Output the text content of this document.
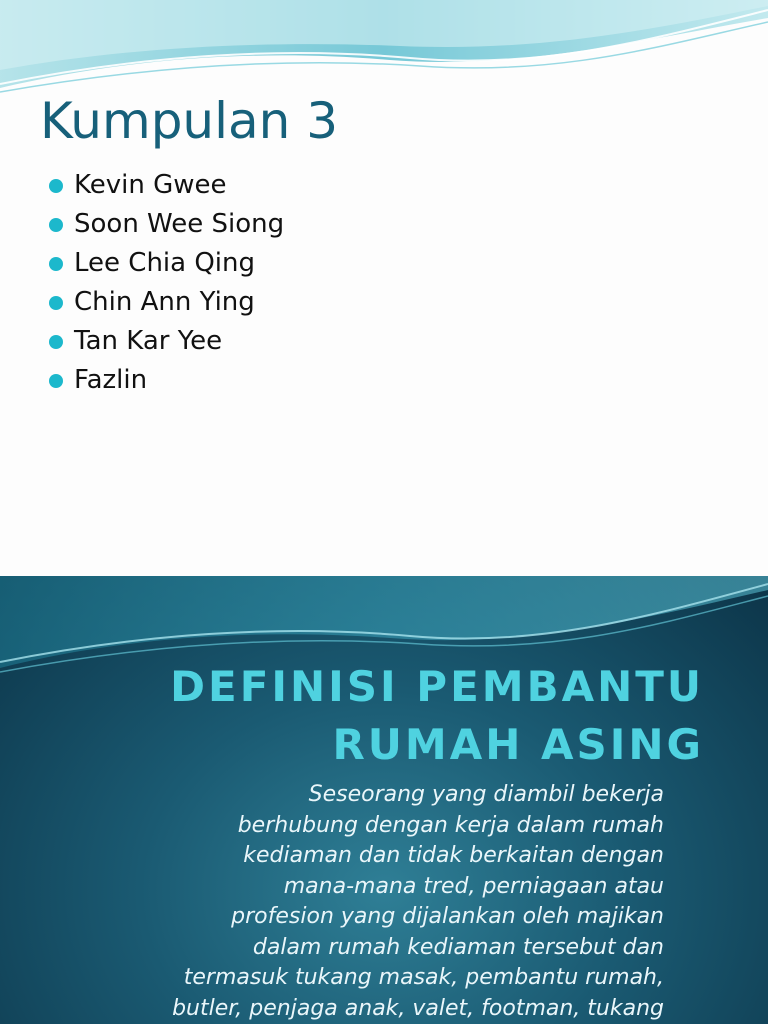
Kumpulan 3
Kevin Gwee
Soon Wee Siong
Lee Chia Qing
Chin Ann Ying
Tan Kar Yee
Fazlin
DEFINISI PEMBANTU
RUMAH ASING

Seseorang yang diambil bekerja
berhubung dengan kerja dalam rumah
kediaman dan tidak berkaitan dengan
mana-mana tred, perniagaan atau
profesion yang dijalankan oleh majikan
dalam rumah kediaman tersebut dan
termasuk tukang masak, pembantu rumah,
butler, penjaga anak, valet, footman, tukang
